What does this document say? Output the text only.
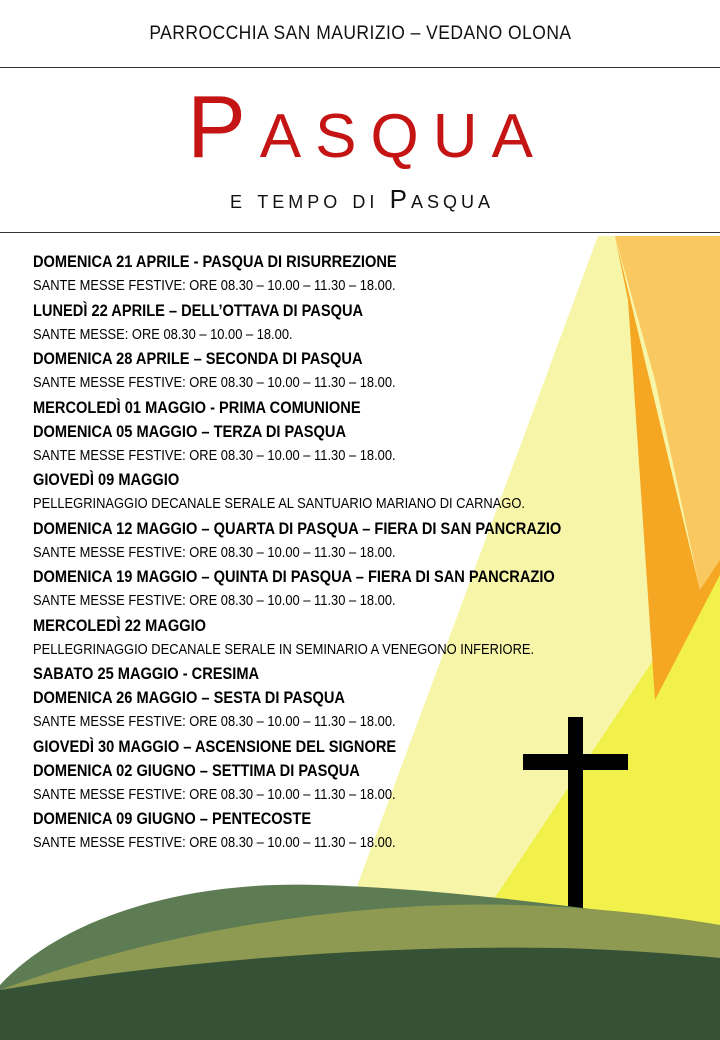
PARROCCHIA SAN MAURIZIO – VEDANO OLONA
Pasqua
e tempo di Pasqua
DOMENICA 21 APRILE - PASQUA DI RISURREZIONE
SANTE MESSE FESTIVE: ORE 08.30 – 10.00 – 11.30 – 18.00.
LUNEDÌ 22 APRILE – DELL’OTTAVA DI PASQUA
SANTE MESSE: ORE 08.30 – 10.00 – 18.00.
DOMENICA 28 APRILE – SECONDA DI PASQUA
SANTE MESSE FESTIVE: ORE 08.30 – 10.00 – 11.30 – 18.00.
MERCOLEDÌ 01 MAGGIO - PRIMA COMUNIONE
DOMENICA 05 MAGGIO – TERZA DI PASQUA
SANTE MESSE FESTIVE: ORE 08.30 – 10.00 – 11.30 – 18.00.
GIOVEDÌ 09 MAGGIO
PELLEGRINAGGIO DECANALE SERALE AL SANTUARIO MARIANO DI CARNAGO.
DOMENICA 12 MAGGIO – QUARTA DI PASQUA – FIERA DI SAN PANCRAZIO
SANTE MESSE FESTIVE: ORE 08.30 – 10.00 – 11.30 – 18.00.
DOMENICA 19 MAGGIO – QUINTA DI PASQUA – FIERA DI SAN PANCRAZIO
SANTE MESSE FESTIVE: ORE 08.30 – 10.00 – 11.30 – 18.00.
MERCOLEDÌ 22 MAGGIO
PELLEGRINAGGIO DECANALE SERALE IN SEMINARIO A VENEGONO INFERIORE.
SABATO 25 MAGGIO - CRESIMA
DOMENICA 26 MAGGIO – SESTA DI PASQUA
SANTE MESSE FESTIVE: ORE 08.30 – 10.00 – 11.30 – 18.00.
GIOVEDÌ 30 MAGGIO – ASCENSIONE DEL SIGNORE
DOMENICA 02 GIUGNO – SETTIMA DI PASQUA
SANTE MESSE FESTIVE: ORE 08.30 – 10.00 – 11.30 – 18.00.
DOMENICA 09 GIUGNO – PENTECOSTE
SANTE MESSE FESTIVE: ORE 08.30 – 10.00 – 11.30 – 18.00.
